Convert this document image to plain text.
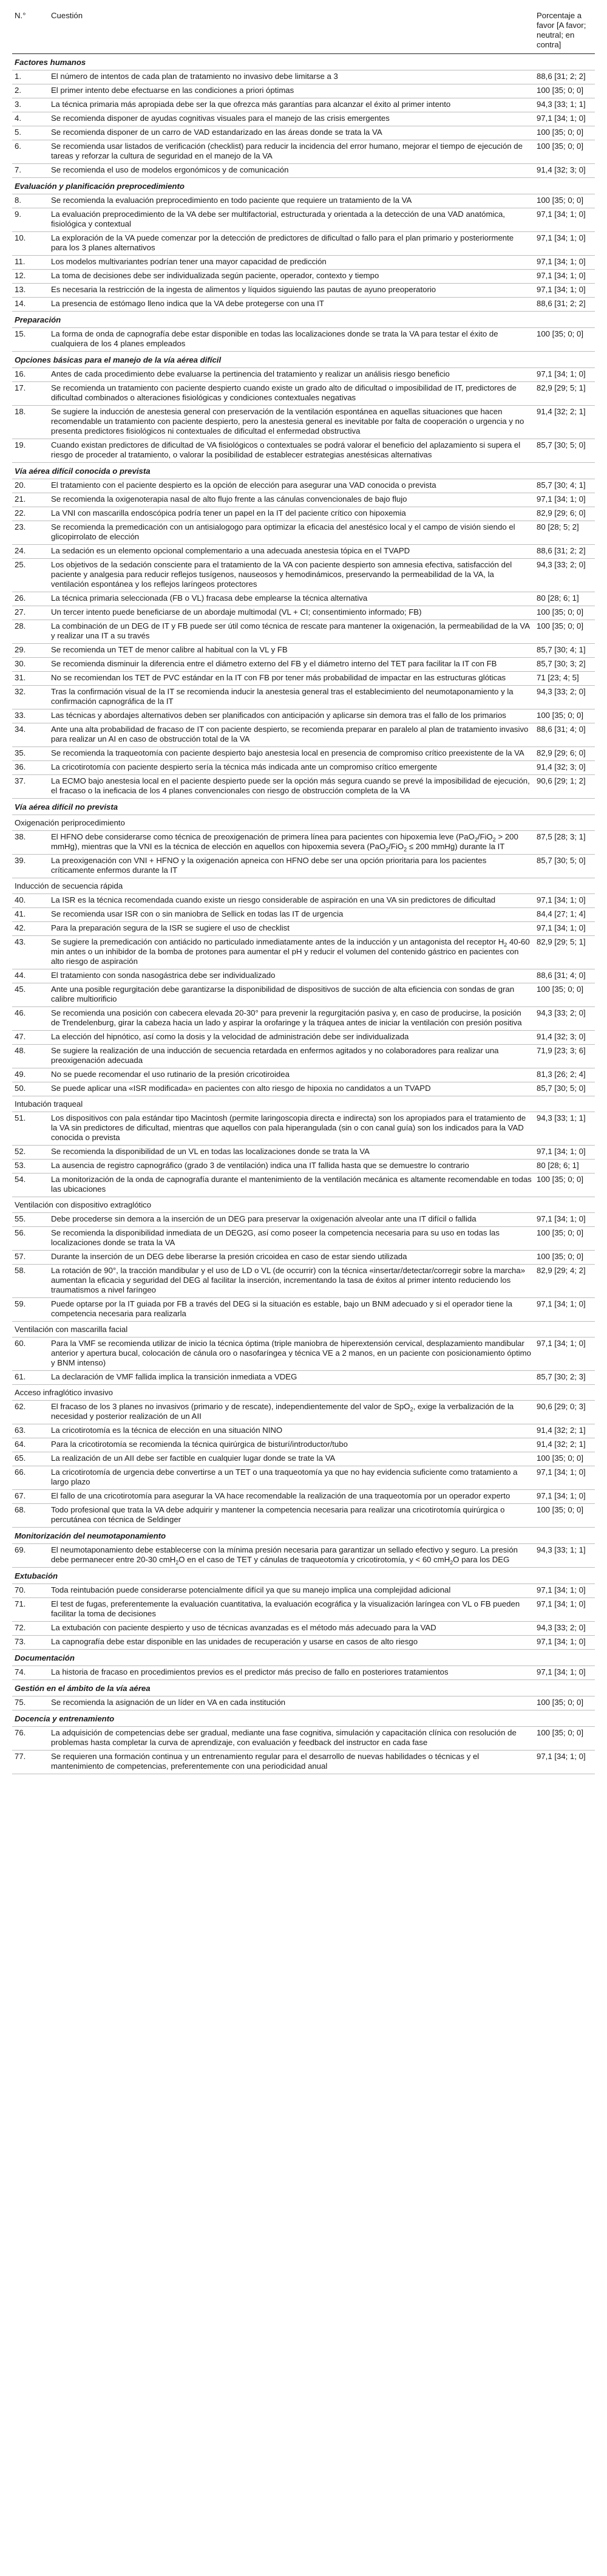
N.°	Cuestión	Porcentaje a favor [A favor; neutral; en contra]
Factores humanos		
1.	El número de intentos de cada plan de tratamiento no invasivo debe limitarse a 3	88,6 [31; 2; 2]
2.	El primer intento debe efectuarse en las condiciones a priori óptimas	100 [35; 0; 0]
3.	La técnica primaria más apropiada debe ser la que ofrezca más garantías para alcanzar el éxito al primer intento	94,3 [33; 1; 1]
4.	Se recomienda disponer de ayudas cognitivas visuales para el manejo de las crisis emergentes	97,1 [34; 1; 0]
5.	Se recomienda disponer de un carro de VAD estandarizado en las áreas donde se trata la VA	100 [35; 0; 0]
6.	Se recomienda usar listados de verificación (checklist) para reducir la incidencia del error humano, mejorar el tiempo de ejecución de tareas y reforzar la cultura de seguridad en el manejo de la VA	100 [35; 0; 0]
7.	Se recomienda el uso de modelos ergonómicos y de comunicación	91,4 [32; 3; 0]
Evaluación y planificación preprocedimiento		
8.	Se recomienda la evaluación preprocedimiento en todo paciente que requiere un tratamiento de la VA	100 [35; 0; 0]
9.	La evaluación preprocedimiento de la VA debe ser multifactorial, estructurada y orientada a la detección de una VAD anatómica, fisiológica y contextual	97,1 [34; 1; 0]
10.	La exploración de la VA puede comenzar por la detección de predictores de dificultad o fallo para el plan primario y posteriormente para los 3 planes alternativos	97,1 [34; 1; 0]
11.	Los modelos multivariantes podrían tener una mayor capacidad de predicción	97,1 [34; 1; 0]
12.	La toma de decisiones debe ser individualizada según paciente, operador, contexto y tiempo	97,1 [34; 1; 0]
13.	Es necesaria la restricción de la ingesta de alimentos y líquidos siguiendo las pautas de ayuno preoperatorio	97,1 [34; 1; 0]
14.	La presencia de estómago lleno indica que la VA debe protegerse con una IT	88,6 [31; 2; 2]
Preparación		
15.	La forma de onda de capnografía debe estar disponible en todas las localizaciones donde se trata la VA para testar el éxito de cualquiera de los 4 planes empleados	100 [35; 0; 0]
Opciones básicas para el manejo de la vía aérea difícil		
16.	Antes de cada procedimiento debe evaluarse la pertinencia del tratamiento y realizar un análisis riesgo beneficio	97,1 [34; 1; 0]
17.	Se recomienda un tratamiento con paciente despierto cuando existe un grado alto de dificultad o imposibilidad de IT, predictores de dificultad combinados o alteraciones fisiológicas y condiciones contextuales negativas	82,9 [29; 5; 1]
18.	Se sugiere la inducción de anestesia general con preservación de la ventilación espontánea en aquellas situaciones que hacen recomendable un tratamiento con paciente despierto, pero la anestesia general es inevitable por falta de cooperación o urgencia y no presenta predictores fisiológicos ni contextuales de dificultad el enfermedad obstructiva	91,4 [32; 2; 1]
19.	Cuando existan predictores de dificultad de VA fisiológicos o contextuales se podrá valorar el beneficio del aplazamiento si supera el riesgo de proceder al tratamiento, o valorar la posibilidad de establecer estrategias anestésicas alternativas	85,7 [30; 5; 0]
Vía aérea difícil conocida o prevista		
20.	El tratamiento con el paciente despierto es la opción de elección para asegurar una VAD conocida o prevista	85,7 [30; 4; 1]
21.	Se recomienda la oxigenoterapia nasal de alto flujo frente a las cánulas convencionales de bajo flujo	97,1 [34; 1; 0]
22.	La VNI con mascarilla endoscópica podría tener un papel en la IT del paciente crítico con hipoxemia	82,9 [29; 6; 0]
23.	Se recomienda la premedicación con un antisialogogo para optimizar la eficacia del anestésico local y el campo de visión siendo el glicopirrolato de elección	80 [28; 5; 2]
24.	La sedación es un elemento opcional complementario a una adecuada anestesia tópica en el TVAPD	88,6 [31; 2; 2]
25.	Los objetivos de la sedación consciente para el tratamiento de la VA con paciente despierto son amnesia efectiva, satisfacción del paciente y analgesia para reducir reflejos tusígenos, nauseosos y hemodinámicos, preservando la permeabilidad de la VA, la ventilación espontánea y los reflejos laríngeos protectores	94,3 [33; 2; 0]
26.	La técnica primaria seleccionada (FB o VL) fracasa debe emplearse la técnica alternativa	80 [28; 6; 1]
27.	Un tercer intento puede beneficiarse de un abordaje multimodal (VL + CI; consentimiento informado; FB)	100 [35; 0; 0]
28.	La combinación de un DEG de IT y FB puede ser útil como técnica de rescate para mantener la oxigenación, la permeabilidad de la VA y realizar una IT a su través	100 [35; 0; 0]
29.	Se recomienda un TET de menor calibre al habitual con la VL y FB	85,7 [30; 4; 1]
30.	Se recomienda disminuir la diferencia entre el diámetro externo del FB y el diámetro interno del TET para facilitar la IT con FB	85,7 [30; 3; 2]
31.	No se recomiendan los TET de PVC estándar en la IT con FB por tener más probabilidad de impactar en las estructuras glóticas	71 [23; 4; 5]
32.	Tras la confirmación visual de la IT se recomienda inducir la anestesia general tras el establecimiento del neumotaponamiento y la confirmación capnográfica de la IT	94,3 [33; 2; 0]
33.	Las técnicas y abordajes alternativos deben ser planificados con anticipación y aplicarse sin demora tras el fallo de los primarios	100 [35; 0; 0]
34.	Ante una alta probabilidad de fracaso de IT con paciente despierto, se recomienda preparar en paralelo al plan de tratamiento invasivo para realizar un AI en caso de obstrucción total de la VA	88,6 [31; 4; 0]
35.	Se recomienda la traqueotomía con paciente despierto bajo anestesia local en presencia de compromiso crítico preexistente de la VA	82,9 [29; 6; 0]
36.	La cricotirotomía con paciente despierto sería la técnica más indicada ante un compromiso crítico emergente	91,4 [32; 3; 0]
37.	La ECMO bajo anestesia local en el paciente despierto puede ser la opción más segura cuando se prevé la imposibilidad de ejecución, el fracaso o la ineficacia de los 4 planes convencionales con riesgo de obstrucción completa de la VA	90,6 [29; 1; 2]
Vía aérea difícil no prevista		
Oxigenación periprocedimiento		
38.	El HFNO debe considerarse como técnica de preoxigenación de primera línea para pacientes con hipoxemia leve (PaO$_2$/FiO$_2$ > 200 mmHg), mientras que la VNI es la técnica de elección en aquellos con hipoxemia severa (PaO$_2$/FiO$_2$ ≤ 200 mmHg) durante la IT	87,5 [28; 3; 1]
39.	La preoxigenación con VNI + HFNO y la oxigenación apneica con HFNO debe ser una opción prioritaria para los pacientes críticamente enfermos durante la IT	85,7 [30; 5; 0]
Inducción de secuencia rápida		
40.	La ISR es la técnica recomendada cuando existe un riesgo considerable de aspiración en una VA sin predictores de dificultad	97,1 [34; 1; 0]
41.	Se recomienda usar ISR con o sin maniobra de Sellick en todas las IT de urgencia	84,4 [27; 1; 4]
42.	Para la preparación segura de la ISR se sugiere el uso de checklist	97,1 [34; 1; 0]
43.	Se sugiere la premedicación con antiácido no particulado inmediatamente antes de la inducción y un antagonista del receptor $H_2$ 40-60 min antes o un inhibidor de la bomba de protones para aumentar el pH y reducir el volumen del contenido gástrico en pacientes con alto riesgo de aspiración	82,9 [29; 5; 1]
44.	El tratamiento con sonda nasogástrica debe ser individualizado	88,6 [31; 4; 0]
45.	Ante una posible regurgitación debe garantizarse la disponibilidad de dispositivos de succión de alta eficiencia con sondas de gran calibre multiorificio	100 [35; 0; 0]
46.	Se recomienda una posición con cabecera elevada 20-30° para prevenir la regurgitación pasiva y, en caso de producirse, la posición de Trendelenburg, girar la cabeza hacia un lado y aspirar la orofaringe y la tráquea antes de iniciar la ventilación con presión positiva	94,3 [33; 2; 0]
47.	La elección del hipnótico, así como la dosis y la velocidad de administración debe ser individualizada	91,4 [32; 3; 0]
48.	Se sugiere la realización de una inducción de secuencia retardada en enfermos agitados y no colaboradores para realizar una preoxigenación adecuada	71,9 [23; 3; 6]
49.	No se puede recomendar el uso rutinario de la presión cricotiroidea	81,3 [26; 2; 4]
50.	Se puede aplicar una «ISR modificada» en pacientes con alto riesgo de hipoxia no candidatos a un TVAPD	85,7 [30; 5; 0]
Intubación traqueal		
51.	Los dispositivos con pala estándar tipo Macintosh (permite laringoscopia directa e indirecta) son los apropiados para el tratamiento de la VA sin predictores de dificultad, mientras que aquellos con pala hiperangulada (sin o con canal guía) son los indicados para la VAD conocida o prevista	94,3 [33; 1; 1]
52.	Se recomienda la disponibilidad de un VL en todas las localizaciones donde se trata la VA	97,1 [34; 1; 0]
53.	La ausencia de registro capnográfico (grado 3 de ventilación) indica una IT fallida hasta que se demuestre lo contrario	80 [28; 6; 1]
54.	La monitorización de la onda de capnografía durante el mantenimiento de la ventilación mecánica es altamente recomendable en todas las ubicaciones	100 [35; 0; 0]
Ventilación con dispositivo extraglótico		
55.	Debe procederse sin demora a la inserción de un DEG para preservar la oxigenación alveolar ante una IT difícil o fallida	97,1 [34; 1; 0]
56.	Se recomienda la disponibilidad inmediata de un DEG2G, así como poseer la competencia necesaria para su uso en todas las localizaciones donde se trata la VA	100 [35; 0; 0]
57.	Durante la inserción de un DEG debe liberarse la presión cricoidea en caso de estar siendo utilizada	100 [35; 0; 0]
58.	La rotación de 90°, la tracción mandibular y el uso de LD o VL (de occurrir) con la técnica «insertar/detectar/corregir sobre la marcha» aumentan la eficacia y seguridad del DEG al facilitar la inserción, incrementando la tasa de éxitos al primer intento reduciendo los traumatismos a nivel faríngeo	82,9 [29; 4; 2]
59.	Puede optarse por la IT guiada por FB a través del DEG si la situación es estable, bajo un BNM adecuado y si el operador tiene la competencia necesaria para realizarla	97,1 [34; 1; 0]
Ventilación con mascarilla facial		
60.	Para la VMF se recomienda utilizar de inicio la técnica óptima (triple maniobra de hiperextensión cervical, desplazamiento mandibular anterior y apertura bucal, colocación de cánula oro o nasofaríngea y técnica VE a 2 manos, en un paciente con posicionamiento óptimo y BNM intenso)	97,1 [34; 1; 0]
61.	La declaración de VMF fallida implica la transición inmediata a VDEG	85,7 [30; 2; 3]
Acceso infraglótico invasivo		
62.	El fracaso de los 3 planes no invasivos (primario y de rescate), independientemente del valor de SpO$_2$, exige la verbalización de la necesidad y posterior realización de un AII	90,6 [29; 0; 3]
63.	La cricotirotomía es la técnica de elección en una situación NINO	91,4 [32; 2; 1]
64.	Para la cricotirotomía se recomienda la técnica quirúrgica de bisturí/introductor/tubo	91,4 [32; 2; 1]
65.	La realización de un AII debe ser factible en cualquier lugar donde se trate la VA	100 [35; 0; 0]
66.	La cricotirotomía de urgencia debe convertirse a un TET o una traqueotomía ya que no hay evidencia suficiente como tratamiento a largo plazo	97,1 [34; 1; 0]
67.	El fallo de una cricotirotomía para asegurar la VA hace recomendable la realización de una traqueotomía por un operador experto	97,1 [34; 1; 0]
68.	Todo profesional que trata la VA debe adquirir y mantener la competencia necesaria para realizar una cricotirotomía quirúrgica o percutánea con técnica de Seldinger	100 [35; 0; 0]
Monitorización del neumotaponamiento		
69.	El neumotaponamiento debe establecerse con la mínima presión necesaria para garantizar un sellado efectivo y seguro. La presión debe permanecer entre 20-30 cmH$_2$O en el caso de TET y cánulas de traqueotomía y cricotirotomía, y < 60 cmH$_2$O para los DEG	94,3 [33; 1; 1]
Extubación		
70.	Toda reintubación puede considerarse potencialmente difícil ya que su manejo implica una complejidad adicional	97,1 [34; 1; 0]
71.	El test de fugas, preferentemente la evaluación cuantitativa, la evaluación ecográfica y la visualización laríngea con VL o FB pueden facilitar la toma de decisiones	97,1 [34; 1; 0]
72.	La extubación con paciente despierto y uso de técnicas avanzadas es el método más adecuado para la VAD	94,3 [33; 2; 0]
73.	La capnografía debe estar disponible en las unidades de recuperación y usarse en casos de alto riesgo	97,1 [34; 1; 0]
Documentación		
74.	La historia de fracaso en procedimientos previos es el predictor más preciso de fallo en posteriores tratamientos	97,1 [34; 1; 0]
Gestión en el ámbito de la vía aérea		
75.	Se recomienda la asignación de un líder en VA en cada institución	100 [35; 0; 0]
Docencia y entrenamiento		
76.	La adquisición de competencias debe ser gradual, mediante una fase cognitiva, simulación y capacitación clínica con resolución de problemas hasta completar la curva de aprendizaje, con evaluación y feedback del instructor en cada fase	100 [35; 0; 0]
77.	Se requieren una formación continua y un entrenamiento regular para el desarrollo de nuevas habilidades o técnicas y el mantenimiento de competencias, preferentemente con una periodicidad anual	97,1 [34; 1; 0]
